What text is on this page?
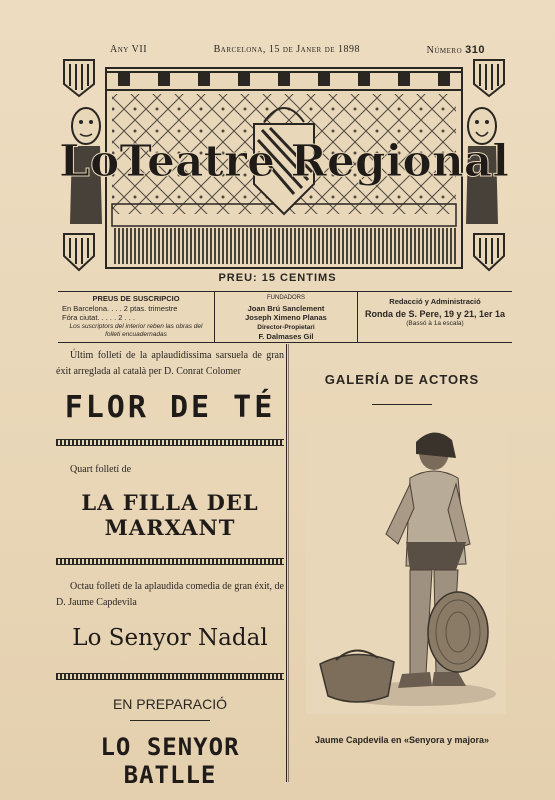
Any VII	Barcelona, 15 de Janer de 1898	Número 310
LoTeatre Regional
PREU: 15 CENTIMS
PREUS DE SUSCRIPCIO
En Barcelona. . . . 2 ptas. trimestre
Fóra ciutat. . . . . 2 . . .
Los suscriptors del interior reben las obras del folleti encuadernadas
FUNDADORS
Joan Brú Sanclement
Joseph Ximeno Planas
Director-Propietari
F. Dalmases Gil
Redacció y Administració
Ronda de S. Pere, 19 y 21, 1er 1a
(Bassó à 1a escala)
Últim folletí de la aplaudidíssima sarsuela de gran éxit arreglada al català per D. Conrat Colomer
FLOR DE TÉ
Quart folletí de
LA FILLA DEL MARXANT
Octau folletí de la aplaudida comedia de gran éxit, de D. Jaume Capdevila
Lo Senyor Nadal
EN PREPARACIÓ
LO SENYOR BATLLE
GALERÍA DE ACTORS
Jaume Capdevila en «Senyora y majora»
